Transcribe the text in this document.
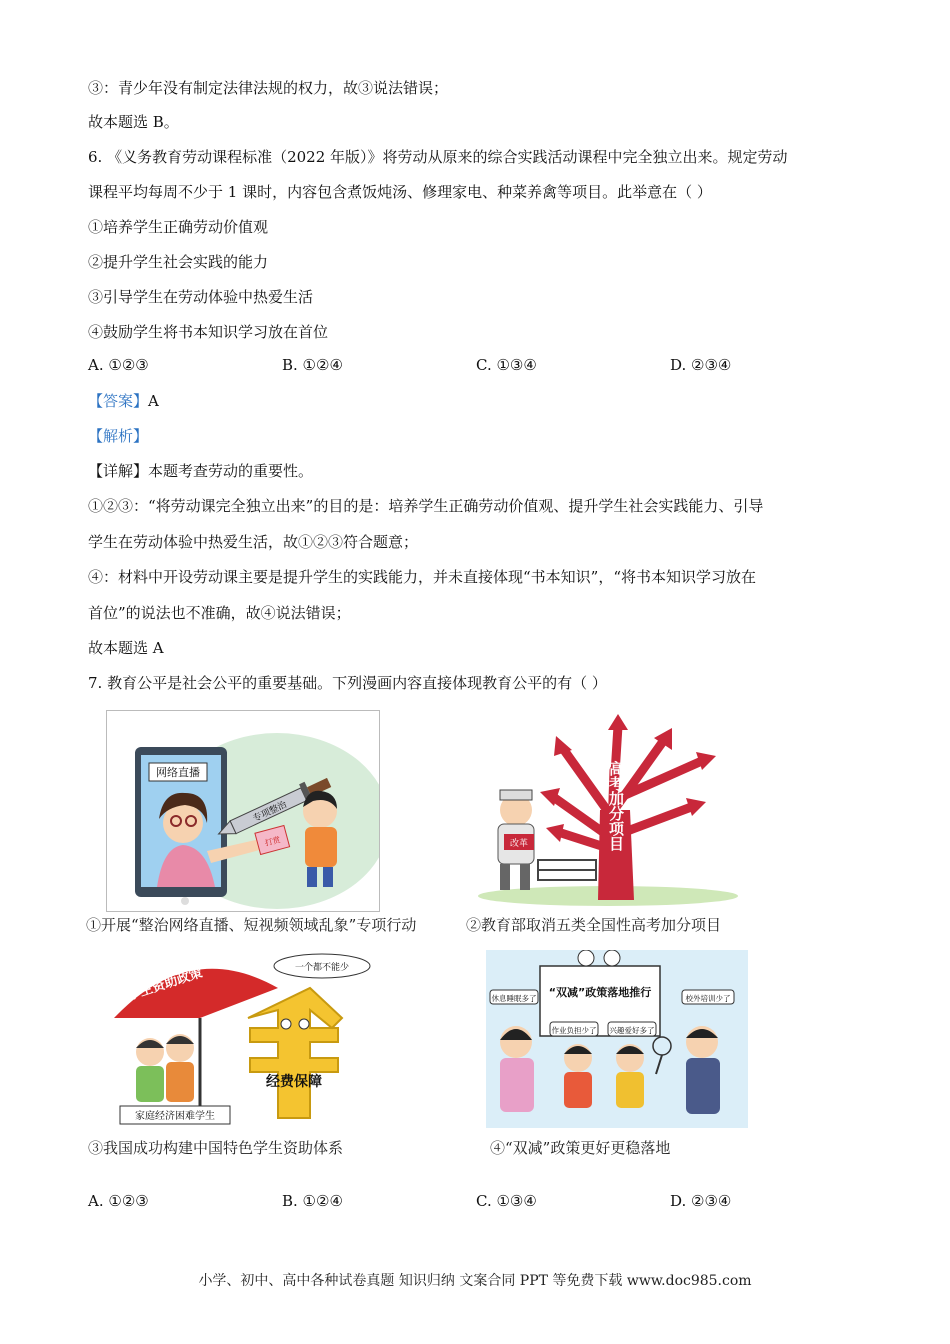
③：青少年没有制定法律法规的权力，故③说法错误；
故本题选 B。
6. 《义务教育劳动课程标准（2022 年版）》将劳动从原来的综合实践活动课程中完全独立出来。规定劳动
课程平均每周不少于 1 课时，内容包含煮饭炖汤、修理家电、种菜养禽等项目。此举意在（ ）
①培养学生正确劳动价值观
②提升学生社会实践的能力
③引导学生在劳动体验中热爱生活
④鼓励学生将书本知识学习放在首位
A. ①②③	B. ①②④	C. ①③④	D. ②③④
【答案】A
【解析】
【详解】本题考查劳动的重要性。
①②③：“将劳动课完全独立出来”的目的是：培养学生正确劳动价值观、提升学生社会实践能力、引导
学生在劳动体验中热爱生活，故①②③符合题意；
④：材料中开设劳动课主要是提升学生的实践能力，并未直接体现“书本知识”，“将书本知识学习放在
首位”的说法也不准确，故④说法错误；
故本题选 A
7. 教育公平是社会公平的重要基础。下列漫画内容直接体现教育公平的有（ ）
网络直播
专项整治
打赏
①开展“整治网络直播、短视频领域乱象”专项行动
高考加分项目
改革
②教育部取消五类全国性高考加分项目
学生资助政策
家庭经济困难学生
经费保障
一个都不能少
③我国成功构建中国特色学生资助体系
“双减”政策落地推行
休息睡眠多了
作业负担少了 兴趣爱好多了
校外培训少了
④“双减”政策更好更稳落地
A. ①②③	B. ①②④	C. ①③④	D. ②③④
小学、初中、高中各种试卷真题 知识归纳 文案合同 PPT 等免费下载 www.doc985.com
